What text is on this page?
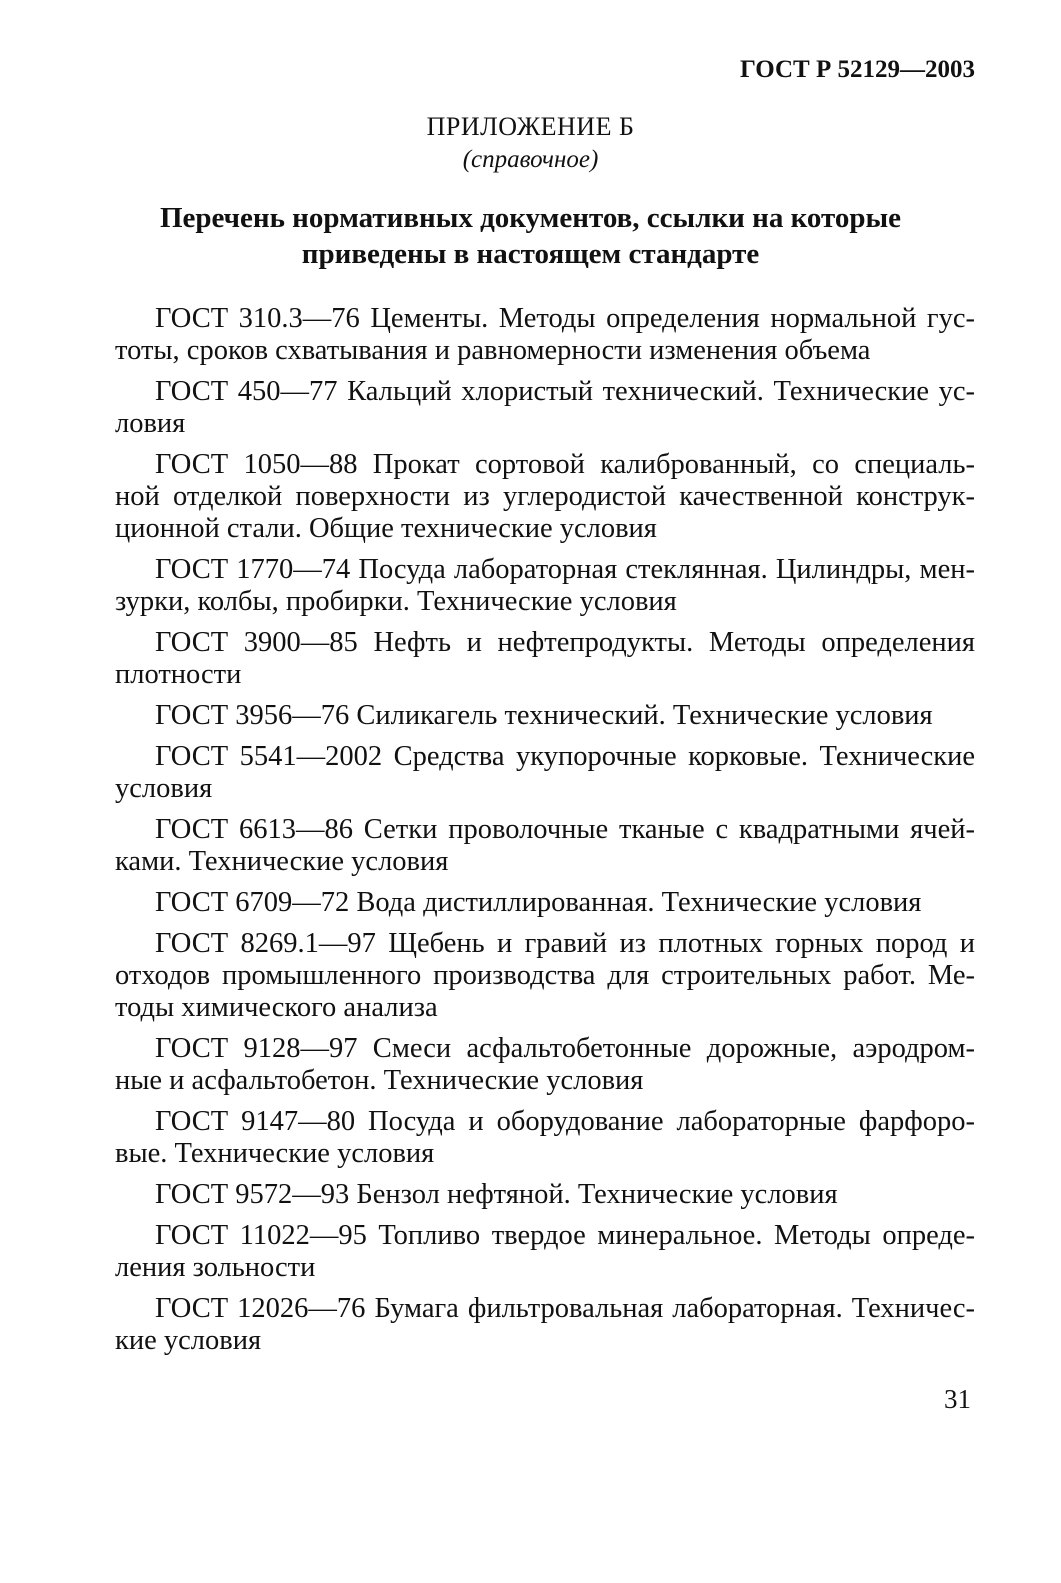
ГОСТ Р 52129—2003
ПРИЛОЖЕНИЕ Б
(справочное)
Перечень нормативных документов, ссылки на которые
приведены в настоящем стандарте
ГОСТ 310.3—76 Цементы. Методы определения нормальной гус-
тоты, сроков схватывания и равномерности изменения объема
ГОСТ 450—77 Кальций хлористый технический. Технические ус-
ловия
ГОСТ 1050—88 Прокат сортовой калиброванный, со специаль-
ной отделкой поверхности из углеродистой качественной конструк-
ционной стали. Общие технические условия
ГОСТ 1770—74 Посуда лабораторная стеклянная. Цилиндры, мен-
зурки, колбы, пробирки. Технические условия
ГОСТ 3900—85 Нефть и нефтепродукты. Методы определения
плотности
ГОСТ 3956—76 Силикагель технический. Технические условия
ГОСТ 5541—2002 Средства укупорочные корковые. Технические
условия
ГОСТ 6613—86 Сетки проволочные тканые с квадратными ячей-
ками. Технические условия
ГОСТ 6709—72 Вода дистиллированная. Технические условия
ГОСТ 8269.1—97 Щебень и гравий из плотных горных пород и
отходов промышленного производства для строительных работ. Ме-
тоды химического анализа
ГОСТ 9128—97 Смеси асфальтобетонные дорожные, аэродром-
ные и асфальтобетон. Технические условия
ГОСТ 9147—80 Посуда и оборудование лабораторные фарфоро-
вые. Технические условия
ГОСТ 9572—93 Бензол нефтяной. Технические условия
ГОСТ 11022—95 Топливо твердое минеральное. Методы опреде-
ления зольности
ГОСТ 12026—76 Бумага фильтровальная лабораторная. Техничес-
кие условия
31
